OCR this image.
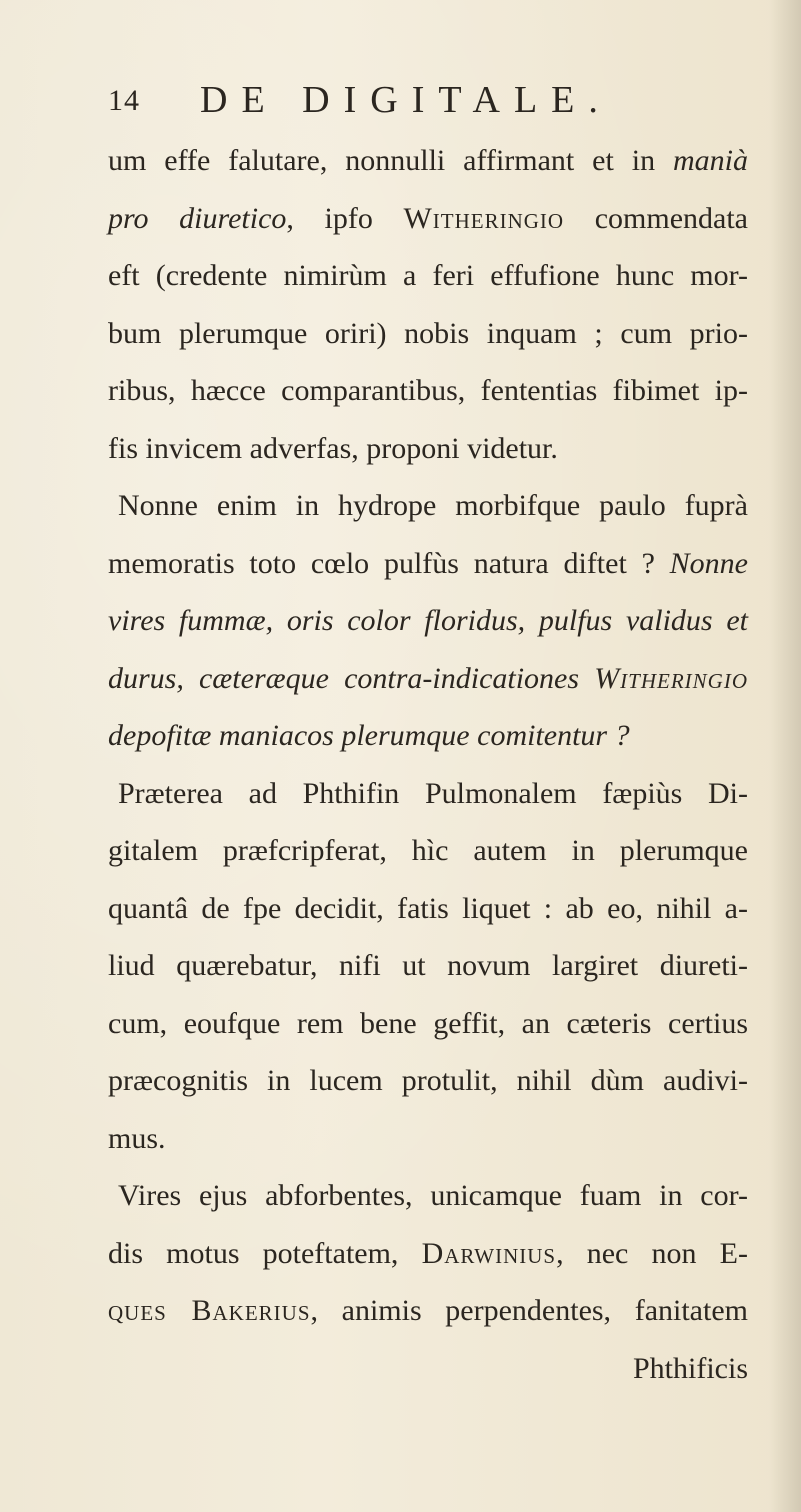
14 DE DIGITALE.
um effe falutare, nonnulli affirmant et in manià
pro diuretico, ipfo Witheringio commendata
eft (credente nimirùm a feri effufione hunc mor-
bum plerumque oriri) nobis inquam ; cum prio-
ribus, hæcce comparantibus, fententias fibimet ip-
fis invicem adverfas, proponi videtur.
Nonne enim in hydrope morbifque paulo fuprà
memoratis toto cœlo pulfùs natura diftet ? Nonne
vires fummæ, oris color floridus, pulfus validus et
durus, cæteræque contra-indicationes Witheringio
depofitæ maniacos plerumque comitentur ?
Præterea ad Phthifin Pulmonalem fæpiùs Di-
gitalem præfcripferat, hìc autem in plerumque
quantâ de fpe decidit, fatis liquet : ab eo, nihil a-
liud quærebatur, nifi ut novum largiret diureti-
cum, eoufque rem bene geffit, an cæteris certius
præcognitis in lucem protulit, nihil dùm audivi-
mus.
Vires ejus abforbentes, unicamque fuam in cor-
dis motus poteftatem, Darwinius, nec non E-
ques Bakerius, animis perpendentes, fanitatem
Phthificis
